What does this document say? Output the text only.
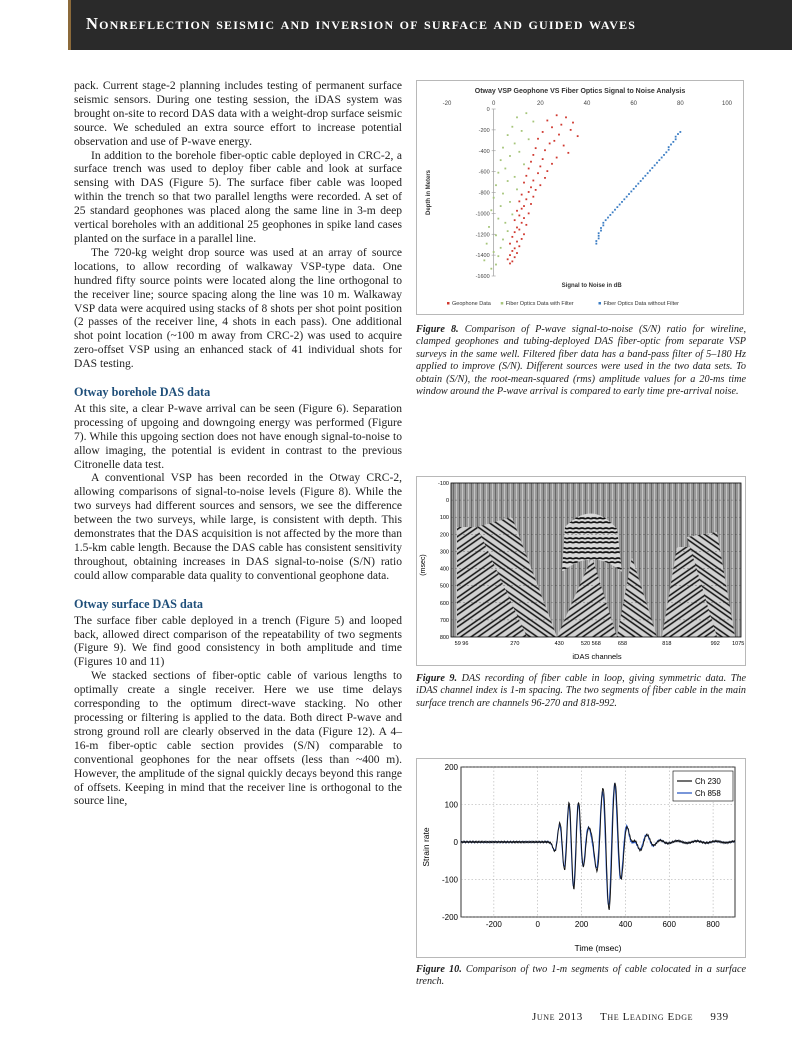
Nonreflection seismic and inversion of surface and guided waves

pack. Current stage-2 planning includes testing of permanent surface seismic sensors. During one testing session, the iDAS system was brought on-site to record DAS data with a weight-drop surface seismic source. We scheduled an extra source effort to increase potential observation and use of P-wave energy.

In addition to the borehole fiber-optic cable deployed in CRC-2, a surface trench was used to deploy fiber cable and look at surface sensing with DAS (Figure 5). The surface fiber cable was looped within the trench so that two parallel lengths were recorded. A set of 25 standard geophones was placed along the same line in 3-m deep vertical boreholes with an additional 25 geophones in spike land cases planted on the surface in a parallel line.

The 720-kg weight drop source was used at an array of source locations, to allow recording of walkaway VSP-type data. One hundred fifty source points were located along the line orthogonal to the receiver line; source spacing along the line was 10 m. Walkaway VSP data were acquired using stacks of 8 shots per shot point position (2 passes of the receiver line, 4 shots in each pass). One additional shot point location (~100 m away from CRC-2) was used to acquire zero-offset VSP using an enhanced stack of 41 individual shots for DAS testing.

Otway borehole DAS data

At this site, a clear P-wave arrival can be seen (Figure 6). Separation processing of upgoing and downgoing energy was performed (Figure 7). While this upgoing section does not have enough signal-to-noise to allow imaging, the potential is evident in contrast to the previous Citronelle data test.

A conventional VSP has been recorded in the Otway CRC-2, allowing comparisons of signal-to-noise levels (Figure 8). While the two surveys had different sources and sensors, we see the difference between the two surveys, while large, is consistent with depth. This demonstrates that the DAS acquisition is not affected by the more than 1.5-km cable length. Because the DAS cable has consistent sensitivity throughout, obtaining increases in DAS signal-to-noise (S/N) ratio could allow comparable data quality to conventional geophone data.

Otway surface DAS data

The surface fiber cable deployed in a trench (Figure 5) and looped back, allowed direct comparison of the repeatability of two segments (Figure 9). We find good consistency in both amplitude and time (Figures 10 and 11)

We stacked sections of fiber-optic cable of various lengths to optimally create a single receiver. Here we use time delays corresponding to the optimum direct-wave stacking. No other processing or filtering is applied to the data. Both direct P-wave and strong ground roll are clearly observed in the data (Figure 12). A 4–16-m fiber-optic cable section provides (S/N) comparable to conventional geophones for the near offsets (less than ~400 m). However, the amplitude of the signal quickly decays beyond this range of offsets. Keeping in mind that the receiver line is orthogonal to the source line,

Otway VSP Geophone VS Fiber Optics Signal to Noise Analysis
-20	0	20	40	60	80	100
0
-200
-400
-600
-800
-1000
-1200
-1400
-1600
Depth in Meters
Signal to Noise in dB
Geophone Data	Fiber Optics Data with Filter	Fiber Optics Data without Filter
Figure 8. Comparison of P-wave signal-to-noise (S/N) ratio for wireline, clamped geophones and tubing-deployed DAS fiber-optic from separate VSP surveys in the same well. Filtered fiber data has a band-pass filter of 5–180 Hz applied to improve (S/N). Different sources were used in the two data sets. To obtain (S/N), the root-mean-squared (rms) amplitude values for a 20-ms time window around the P-wave arrival is compared to early time pre-arrival noise.
(msec)
-100
0
100
200
300
400
500
600
700
800
59 96	270	430	520 568	658	818	992 1075
iDAS channels
Figure 9. DAS recording of fiber cable in loop, giving symmetric data. The iDAS channel index is 1-m spacing. The two segments of fiber cable in the main surface trench are channels 96-270 and 818-992.
Strain rate
-200	0	200	400	600	800
200
100
0
-100
-200
Ch 230
Ch 858
Time (msec)
Figure 10. Comparison of two 1-m segments of cable colocated in a surface trench.
June 2013 The Leading Edge 939
